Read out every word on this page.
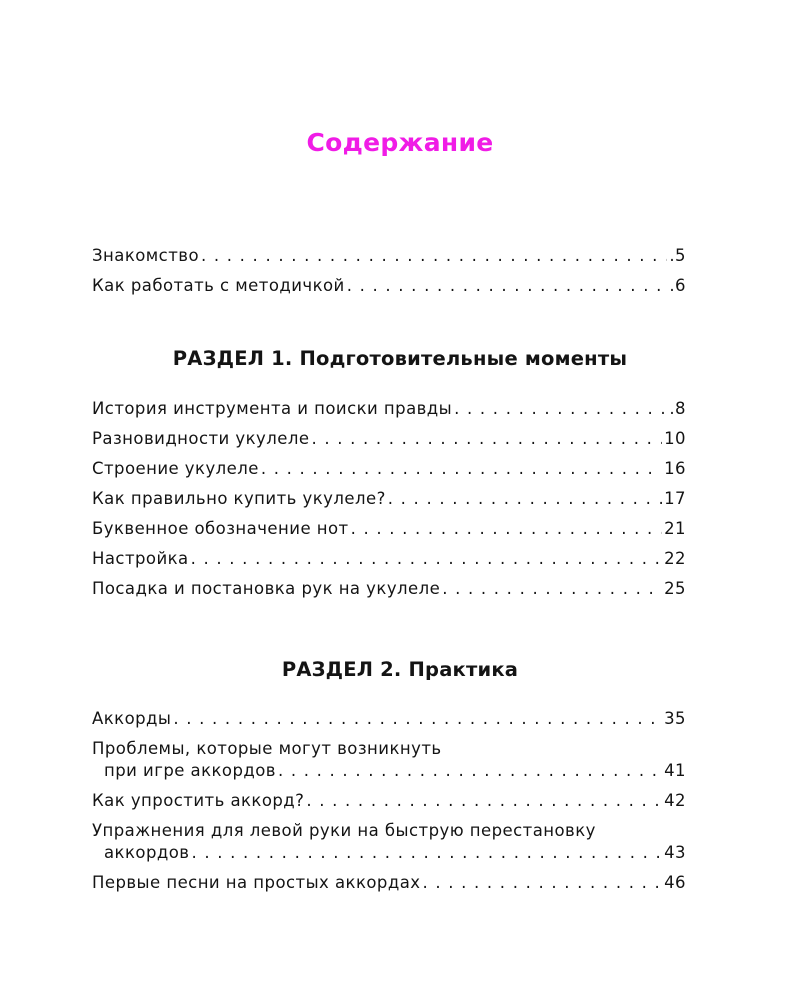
Содержание
Знакомство . . .	.5
Как работать с методичкой . . .	.6
РАЗДЕЛ 1. Подготовительные моменты
История инструмента и поиски правды . . .	.8
Разновидности укулеле . . .	10
Строение укулеле . . .	16
Как правильно купить укулеле? . . .	17
Буквенное обозначение нот . . .	21
Настройка . . .	22
Посадка и постановка рук на укулеле . . .	25
РАЗДЕЛ 2. Практика
Аккорды . . .	35
Проблемы, которые могут возникнуть
при игре аккордов . . .	41
Как упростить аккорд? . . .	42
Упражнения для левой руки на быструю перестановку
аккордов . . .	43
Первые песни на простых аккордах . . .	46
